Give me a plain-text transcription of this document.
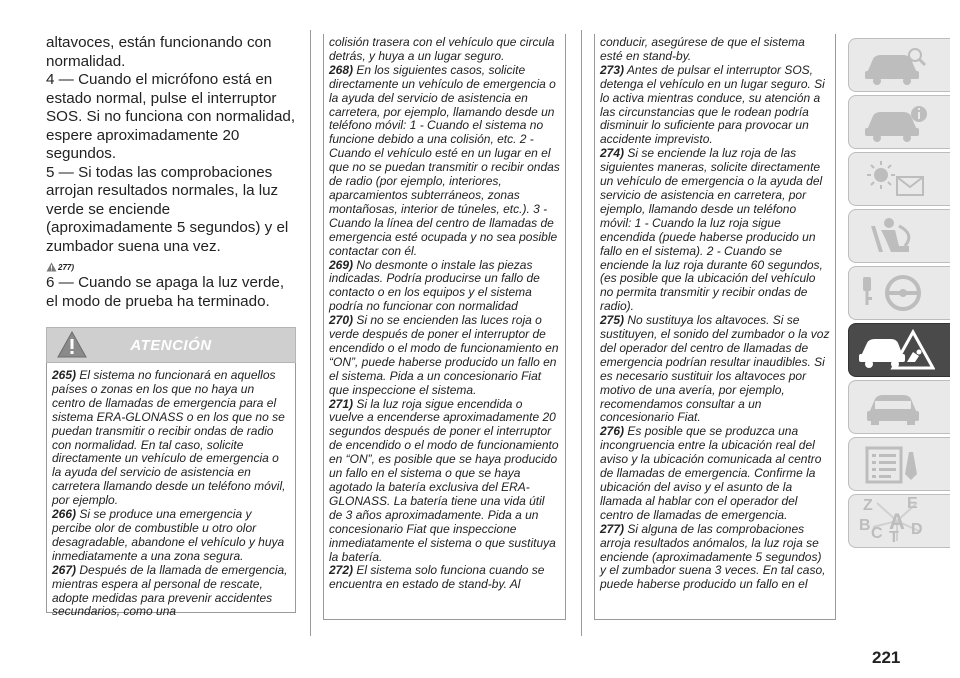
altavoces, están funcionando con normalidad.

4 — Cuando el micrófono está en estado normal, pulse el interruptor SOS. Si no funciona con normalidad, espere aproximadamente 20 segundos.

5 — Si todas las comprobaciones arrojan resultados normales, la luz verde se enciende (aproximadamente 5 segundos) y el zumbador suena una vez.

277)

6 — Cuando se apaga la luz verde, el modo de prueba ha terminado.

ATENCIÓN

265) El sistema no funcionará en aquellos países o zonas en los que no haya un centro de llamadas de emergencia para el sistema ERA-GLONASS o en los que no se puedan transmitir o recibir ondas de radio con normalidad. En tal caso, solicite directamente un vehículo de emergencia o la ayuda del servicio de asistencia en carretera llamando desde un teléfono móvil, por ejemplo.

266) Si se produce una emergencia y percibe olor de combustible u otro olor desagradable, abandone el vehículo y huya inmediatamente a una zona segura.

267) Después de la llamada de emergencia, mientras espera al personal de rescate, adopte medidas para prevenir accidentes secundarios, como una

colisión trasera con el vehículo que circula detrás, y huya a un lugar seguro.

268) En los siguientes casos, solicite directamente un vehículo de emergencia o la ayuda del servicio de asistencia en carretera, por ejemplo, llamando desde un teléfono móvil: 1 - Cuando el sistema no funcione debido a una colisión, etc. 2 - Cuando el vehículo esté en un lugar en el que no se puedan transmitir o recibir ondas de radio (por ejemplo, interiores, aparcamientos subterráneos, zonas montañosas, interior de túneles, etc.). 3 - Cuando la línea del centro de llamadas de emergencia esté ocupada y no sea posible contactar con él.

269) No desmonte o instale las piezas indicadas. Podría producirse un fallo de contacto o en los equipos y el sistema podría no funcionar con normalidad

270) Si no se encienden las luces roja o verde después de poner el interruptor de encendido o el modo de funcionamiento en “ON”, puede haberse producido un fallo en el sistema. Pida a un concesionario Fiat que inspeccione el sistema.

271) Si la luz roja sigue encendida o vuelve a encenderse aproximadamente 20 segundos después de poner el interruptor de encendido o el modo de funcionamiento en “ON”, es posible que se haya producido un fallo en el sistema o que se haya agotado la batería exclusiva del ERA-GLONASS. La batería tiene una vida útil de 3 años aproximadamente. Pida a un concesionario Fiat que inspeccione inmediatamente el sistema o que sustituya la batería.

272) El sistema solo funciona cuando se encuentra en estado de stand-by. Al

conducir, asegúrese de que el sistema esté en stand-by.

273) Antes de pulsar el interruptor SOS, detenga el vehículo en un lugar seguro. Si lo activa mientras conduce, su atención a las circunstancias que le rodean podría disminuir lo suficiente para provocar un accidente imprevisto.

274) Si se enciende la luz roja de las siguientes maneras, solicite directamente un vehículo de emergencia o la ayuda del servicio de asistencia en carretera, por ejemplo, llamando desde un teléfono móvil: 1 - Cuando la luz roja sigue encendida (puede haberse producido un fallo en el sistema). 2 - Cuando se enciende la luz roja durante 60 segundos, (es posible que la ubicación del vehículo no permita transmitir y recibir ondas de radio).

275) No sustituya los altavoces. Si se sustituyen, el sonido del zumbador o la voz del operador del centro de llamadas de emergencia podrían resultar inaudibles. Si es necesario sustituir los altavoces por motivo de una avería, por ejemplo, recomendamos consultar a un concesionario Fiat.

276) Es posible que se produzca una incongruencia entre la ubicación real del aviso y la ubicación comunicada al centro de llamadas de emergencia. Confirme la ubicación del aviso y el asunto de la llamada al hablar con el operador del centro de llamadas de emergencia.

277) Si alguna de las comprobaciones arroja resultados anómalos, la luz roja se enciende (aproximadamente 5 segundos) y el zumbador suena 3 veces. En tal caso, puede haberse producido un fallo en el

Z E
A
B C T D
221
